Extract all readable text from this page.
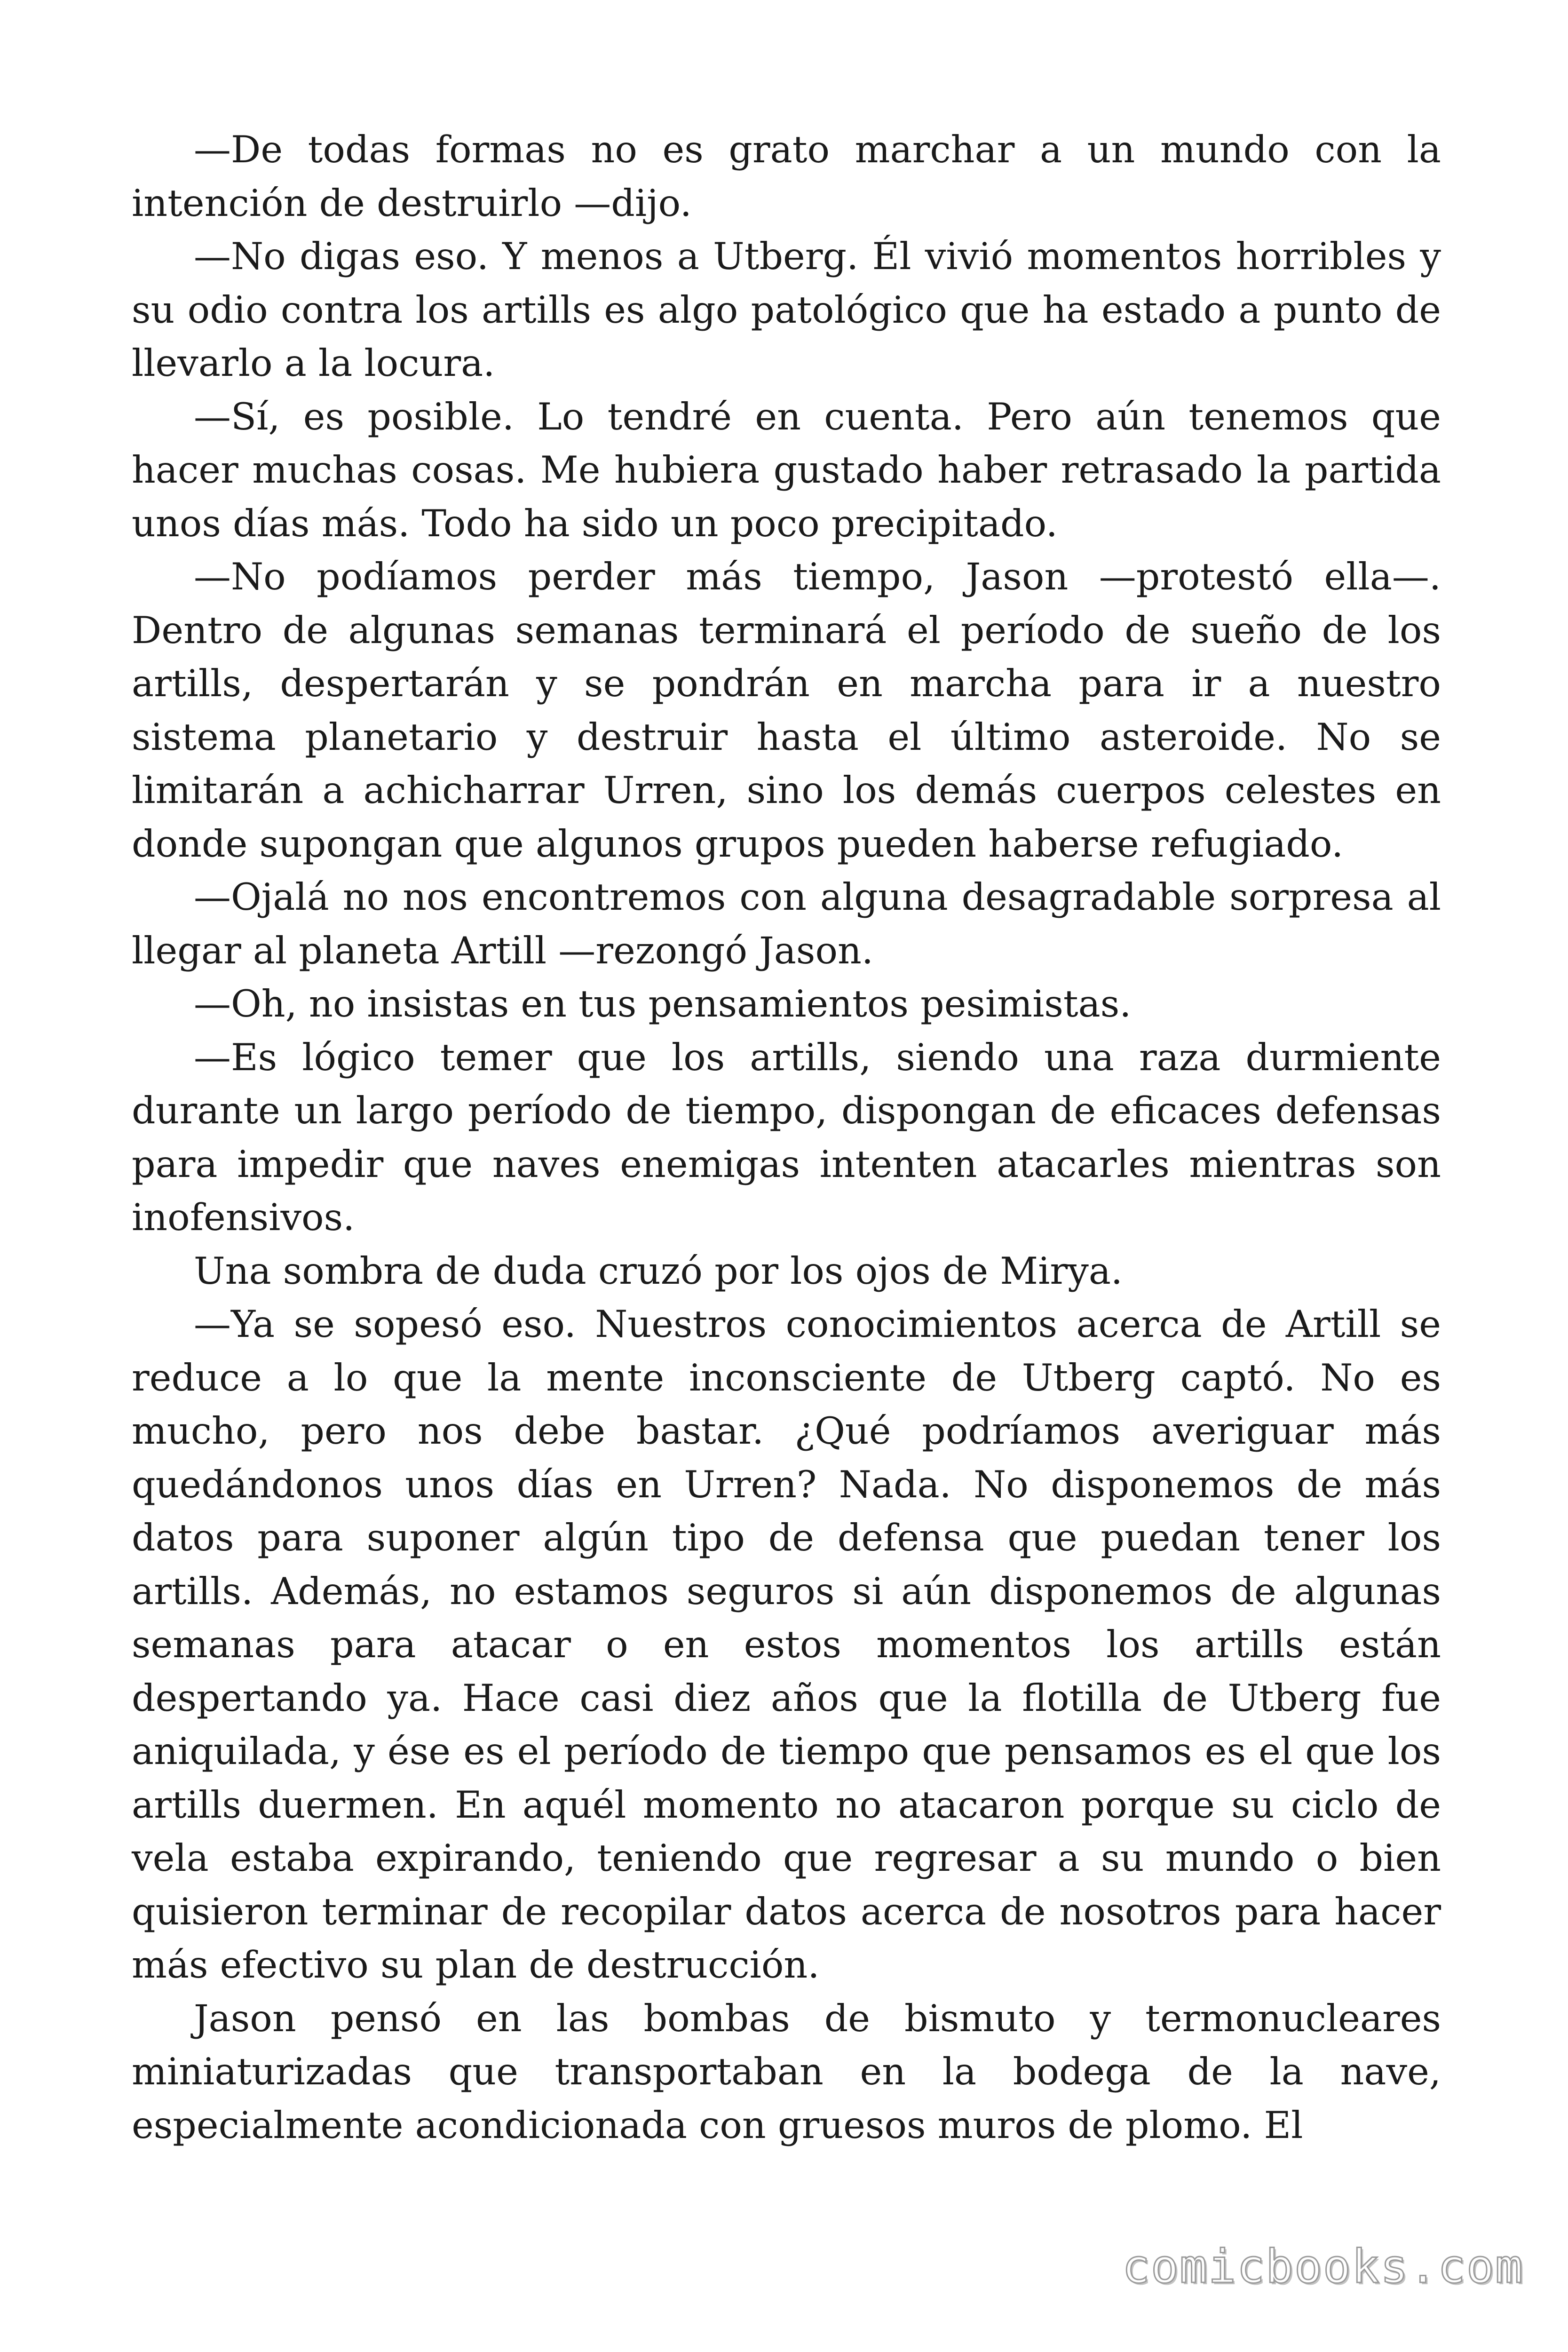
—De todas formas no es grato marchar a un mundo con la intención de destruirlo —dijo.

—No digas eso. Y menos a Utberg. Él vivió momentos horribles y su odio contra los artills es algo patológico que ha estado a punto de llevarlo a la locura.

—Sí, es posible. Lo tendré en cuenta. Pero aún tenemos que hacer muchas cosas. Me hubiera gustado haber retrasado la partida unos días más. Todo ha sido un poco precipitado.

—No podíamos perder más tiempo, Jason —protestó ella—. Dentro de algunas semanas terminará el período de sueño de los artills, despertarán y se pondrán en marcha para ir a nuestro sistema planetario y destruir hasta el último asteroide. No se limitarán a achicharrar Urren, sino los demás cuerpos celestes en donde supongan que algunos grupos pueden haberse refugiado.

—Ojalá no nos encontremos con alguna desagradable sorpresa al llegar al planeta Artill —rezongó Jason.

—Oh, no insistas en tus pensamientos pesimistas.

—Es lógico temer que los artills, siendo una raza durmiente durante un largo período de tiempo, dispongan de eficaces defensas para impedir que naves enemigas intenten atacarles mientras son inofensivos.

Una sombra de duda cruzó por los ojos de Mirya.

—Ya se sopesó eso. Nuestros conocimientos acerca de Artill se reduce a lo que la mente inconsciente de Utberg captó. No es mucho, pero nos debe bastar. ¿Qué podríamos averiguar más quedándonos unos días en Urren? Nada. No disponemos de más datos para suponer algún tipo de defensa que puedan tener los artills. Además, no estamos seguros si aún disponemos de algunas semanas para atacar o en estos momentos los artills están despertando ya. Hace casi diez años que la flotilla de Utberg fue aniquilada, y ése es el período de tiempo que pensamos es el que los artills duermen. En aquél momento no atacaron porque su ciclo de vela estaba expirando, teniendo que regresar a su mundo o bien quisieron terminar de recopilar datos acerca de nosotros para hacer más efectivo su plan de destrucción.

Jason pensó en las bombas de bismuto y termonucleares miniaturizadas que transportaban en la bodega de la nave, especialmente acondicionada con gruesos muros de plomo. El

comicbooks.com
